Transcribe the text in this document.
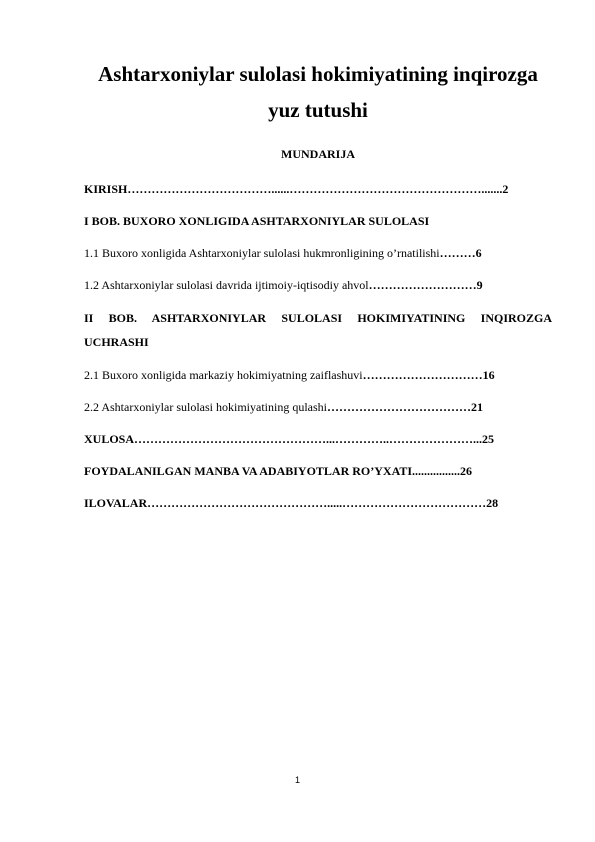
Ashtarxoniylar sulolasi hokimiyatining inqirozga
yuz tutushi
MUNDARIJA
KIRISH………………………………......………………………………………….......2
I BOB. BUXORO XONLIGIDA ASHTARXONIYLAR SULOLASI
1.1 Buxoro xonligida Ashtarxoniylar sulolasi hukmronligining o’rnatilishi………6
1.2 Ashtarxoniylar sulolasi davrida ijtimoiy-iqtisodiy ahvol………………………9
II BOB. ASHTARXONIYLAR SULOLASI HOKIMIYATINING INQIROZGA UCHRASHI
2.1 Buxoro xonligida markaziy hokimiyatning zaiflashuvi…………………………16
2.2 Ashtarxoniylar sulolasi hokimiyatining qulashi………………………………21
XULOSA…………………………………………...…………..…………………...25
FOYDALANILGAN MANBA VA ADABIYOTLAR RO’YXATI................26
ILOVALAR……………………………………….....………………………………28
1
